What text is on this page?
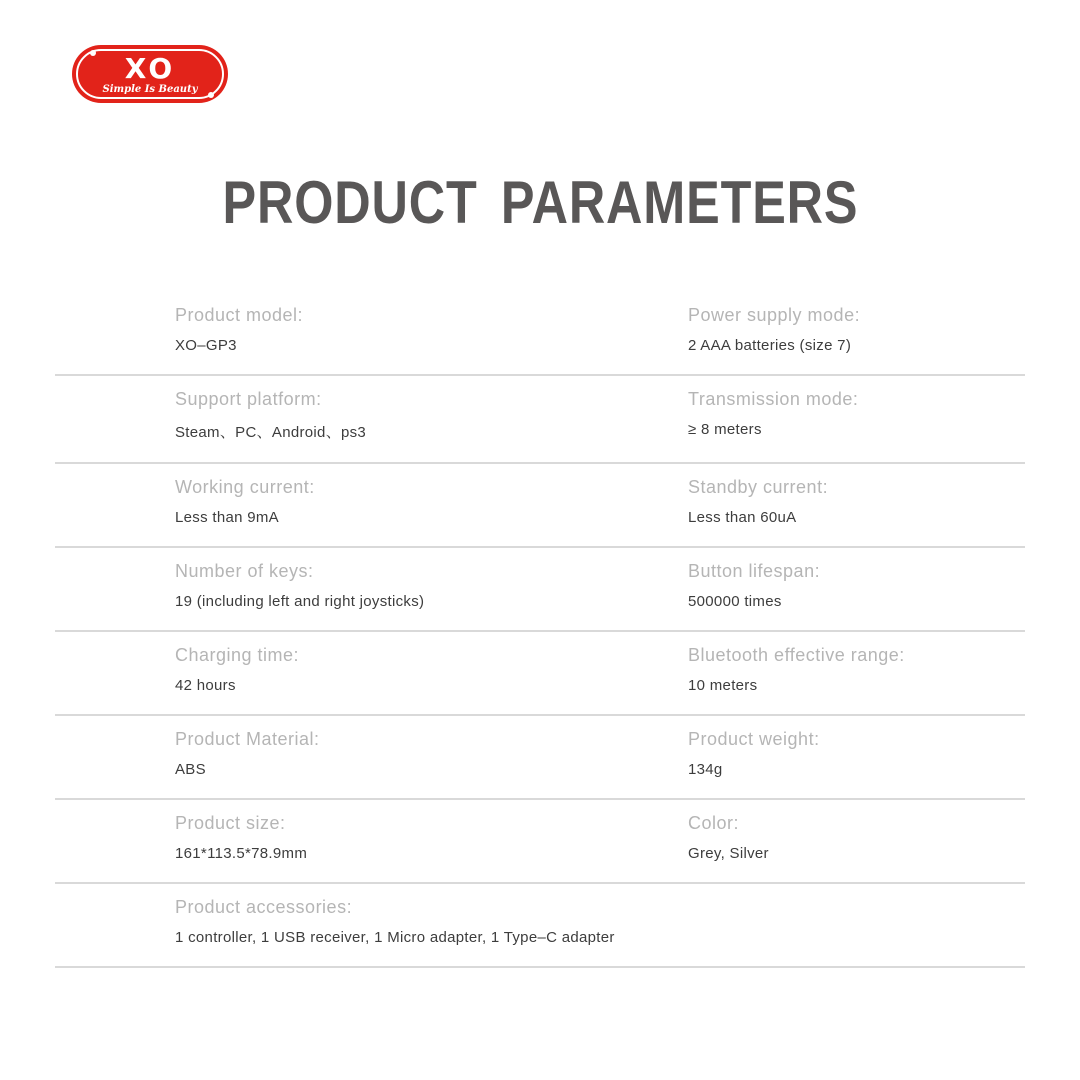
XO
Simple Is Beauty
PRODUCT PARAMETERS
Product model:
XO–GP3
Power supply mode:
2 AAA batteries (size 7)
Support platform:
Steam、PC、Android、ps3
Transmission mode:
≥ 8 meters
Working current:
Less than 9mA
Standby current:
Less than 60uA
Number of keys:
19 (including left and right joysticks)
Button lifespan:
500000 times
Charging time:
42 hours
Bluetooth effective range:
10 meters
Product Material:
ABS
Product weight:
134g
Product size:
161*113.5*78.9mm
Color:
Grey, Silver
Product accessories:
1 controller, 1 USB receiver, 1 Micro adapter, 1 Type–C adapter
